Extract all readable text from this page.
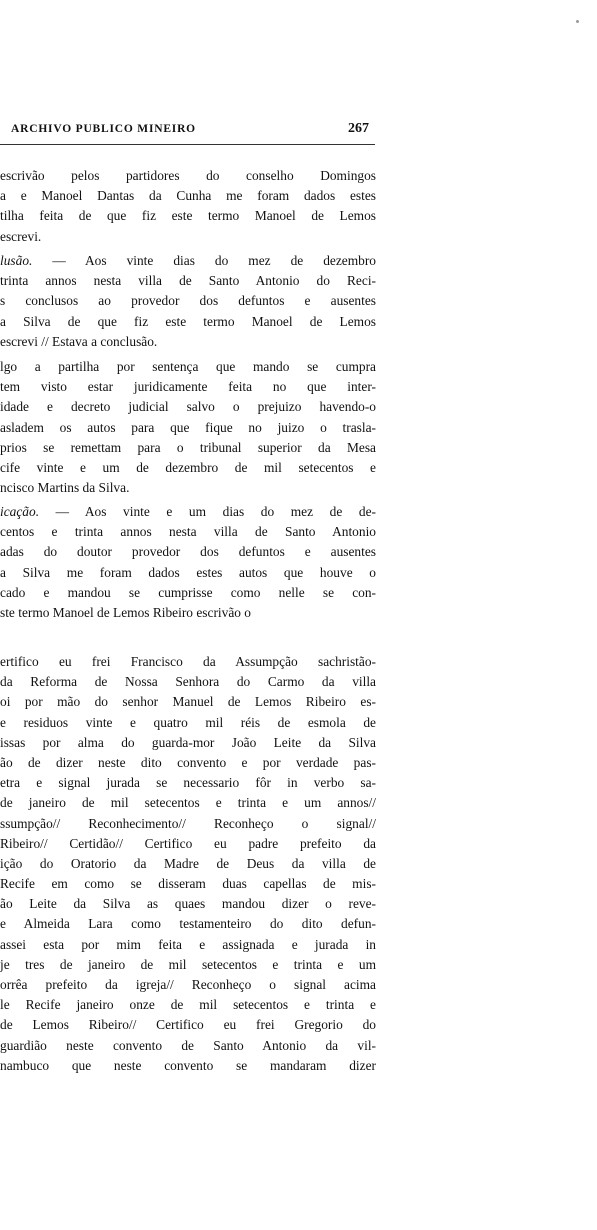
ARCHIVO PUBLICO MINEIRO	267
escrivão pelos partidores do conselho Domingos
a e Manoel Dantas da Cunha me foram dados estes
tilha feita de que fiz este termo Manoel de Lemos
escrevi.
lusão. — Aos vinte dias do mez de dezembro
trinta annos nesta villa de Santo Antonio do Reci-
s conclusos ao provedor dos defuntos e ausentes
a Silva de que fiz este termo Manoel de Lemos
escrevi // Estava a conclusão.
lgo a partilha por sentença que mando se cumpra
tem visto estar juridicamente feita no que inter-
idade e decreto judicial salvo o prejuizo havendo-o
asladem os autos para que fique no juizo o trasla-
prios se remettam para o tribunal superior da Mesa
cife vinte e um de dezembro de mil setecentos e
ncisco Martins da Silva.
icação. — Aos vinte e um dias do mez de de-
centos e trinta annos nesta villa de Santo Antonio
adas do doutor provedor dos defuntos e ausentes
a Silva me foram dados estes autos que houve o
cado e mandou se cumprisse como nelle se con-
ste termo Manoel de Lemos Ribeiro escrivão o
ertifico eu frei Francisco da Assumpção sachristão-
da Reforma de Nossa Senhora do Carmo da villa
oi por mão do senhor Manuel de Lemos Ribeiro es-
e residuos vinte e quatro mil réis de esmola de
issas por alma do guarda-mor João Leite da Silva
ão de dizer neste dito convento e por verdade pas-
etra e signal jurada se necessario fôr in verbo sa-
de janeiro de mil setecentos e trinta e um annos//
ssumpção// Reconhecimento// Reconheço o signal//
Ribeiro// Certidão// Certifico eu padre prefeito da
ição do Oratorio da Madre de Deus da villa de
Recife em como se disseram duas capellas de mis-
ão Leite da Silva as quaes mandou dizer o reve-
e Almeida Lara como testamenteiro do dito defun-
assei esta por mim feita e assignada e jurada in
je tres de janeiro de mil setecentos e trinta e um
orrêa prefeito da igreja// Reconheço o signal acima
le Recife janeiro onze de mil setecentos e trinta e
de Lemos Ribeiro// Certifico eu frei Gregorio do
guardião neste convento de Santo Antonio da vil-
nambuco que neste convento se mandaram dizer
